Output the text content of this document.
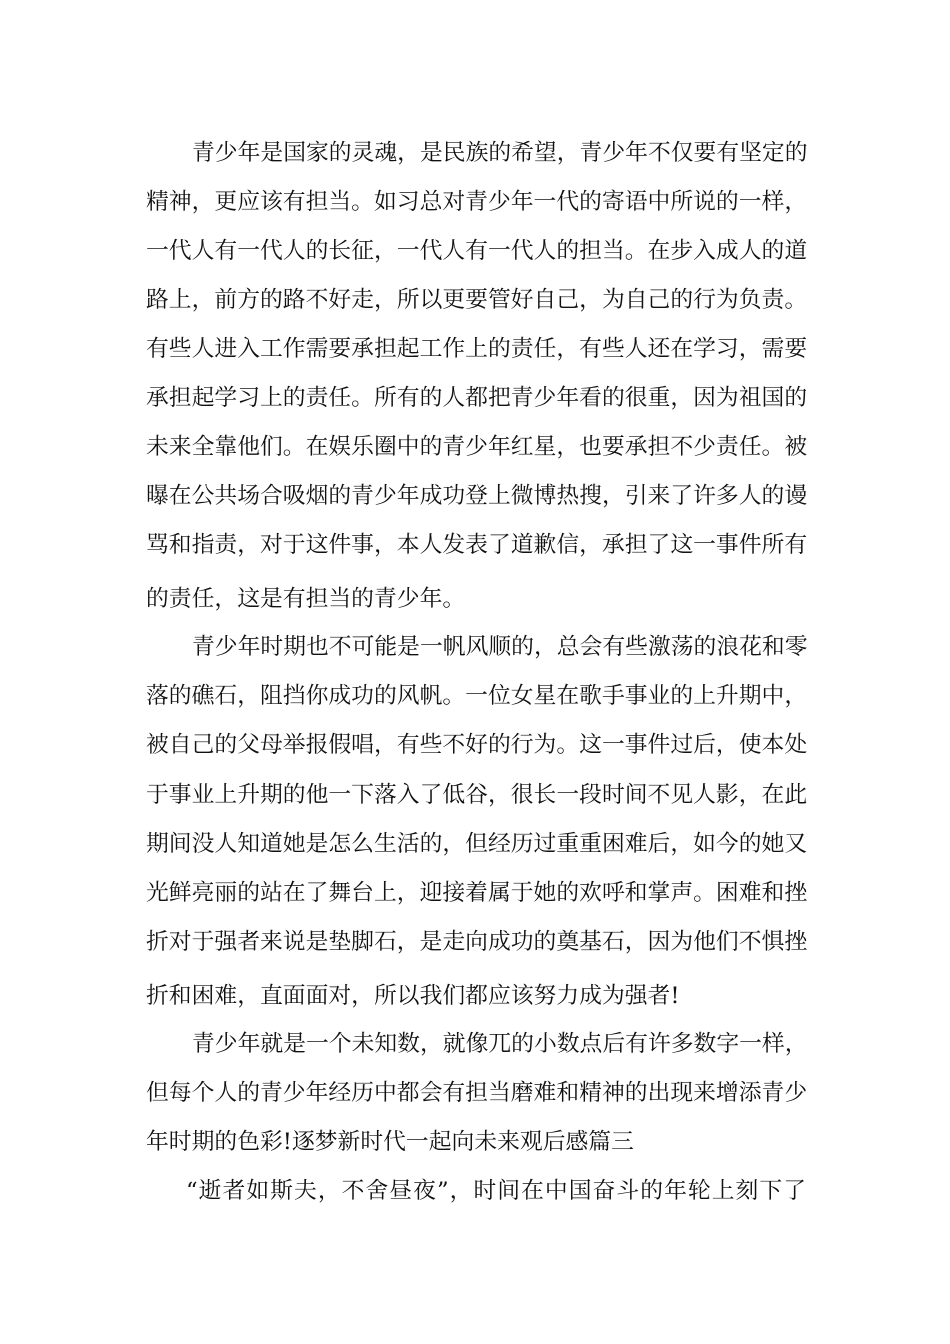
青少年是国家的灵魂，是民族的希望，青少年不仅要有坚定的
精神，更应该有担当。如习总对青少年一代的寄语中所说的一样，
一代人有一代人的长征，一代人有一代人的担当。在步入成人的道
路上，前方的路不好走，所以更要管好自己，为自己的行为负责。
有些人进入工作需要承担起工作上的责任，有些人还在学习，需要
承担起学习上的责任。所有的人都把青少年看的很重，因为祖国的
未来全靠他们。在娱乐圈中的青少年红星，也要承担不少责任。被
曝在公共场合吸烟的青少年成功登上微博热搜，引来了许多人的谩
骂和指责，对于这件事，本人发表了道歉信，承担了这一事件所有
的责任，这是有担当的青少年。
青少年时期也不可能是一帆风顺的，总会有些激荡的浪花和零
落的礁石，阻挡你成功的风帆。一位女星在歌手事业的上升期中，
被自己的父母举报假唱，有些不好的行为。这一事件过后，使本处
于事业上升期的他一下落入了低谷，很长一段时间不见人影，在此
期间没人知道她是怎么生活的，但经历过重重困难后，如今的她又
光鲜亮丽的站在了舞台上，迎接着属于她的欢呼和掌声。困难和挫
折对于强者来说是垫脚石，是走向成功的奠基石，因为他们不惧挫
折和困难，直面面对，所以我们都应该努力成为强者!
青少年就是一个未知数，就像兀的小数点后有许多数字一样，
但每个人的青少年经历中都会有担当磨难和精神的出现来增添青少
年时期的色彩!逐梦新时代一起向未来观后感篇三
“逝者如斯夫，不舍昼夜”，时间在中国奋斗的年轮上刻下了
